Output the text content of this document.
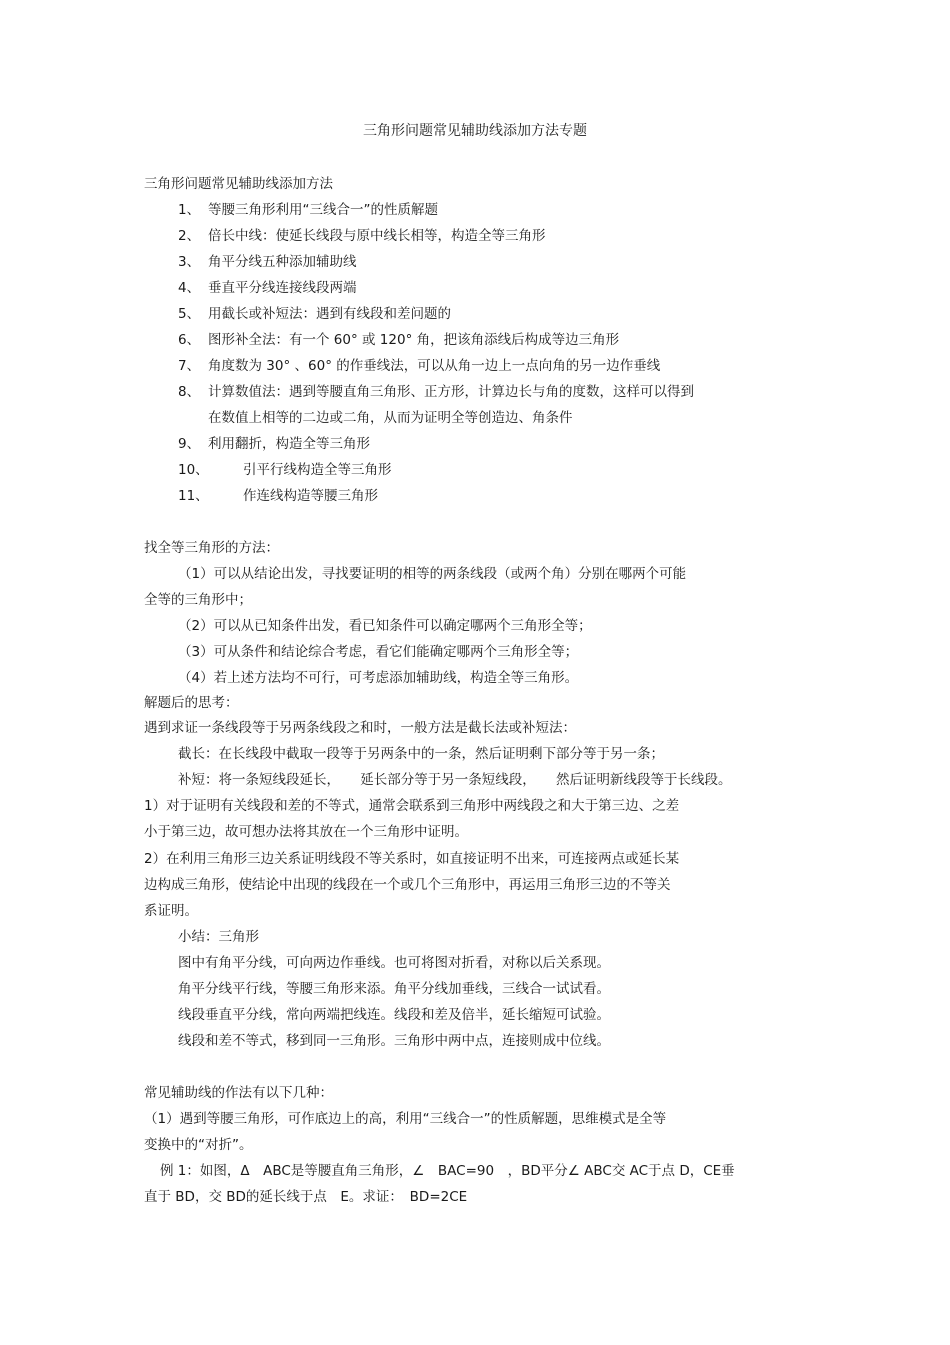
三角形问题常见辅助线添加方法专题
三角形问题常见辅助线添加方法
1、 等腰三角形利用“三线合一”的性质解题
2、 倍长中线：使延长线段与原中线长相等，构造全等三角形
3、 角平分线五种添加辅助线
4、 垂直平分线连接线段两端
5、 用截长或补短法：遇到有线段和差问题的
6、 图形补全法：有一个 60° 或 120° 角，把该角添线后构成等边三角形
7、 角度数为 30° 、60° 的作垂线法，可以从角一边上一点向角的另一边作垂线
8、 计算数值法：遇到等腰直角三角形、正方形，计算边长与角的度数，这样可以得到
在数值上相等的二边或二角，从而为证明全等创造边、角条件
9、 利用翻折，构造全等三角形
10、	引平行线构造全等三角形
11、	作连线构造等腰三角形
找全等三角形的方法：
（1）可以从结论出发，寻找要证明的相等的两条线段（或两个角）分别在哪两个可能
全等的三角形中；
（2）可以从已知条件出发，看已知条件可以确定哪两个三角形全等；
（3）可从条件和结论综合考虑，看它们能确定哪两个三角形全等；
（4）若上述方法均不可行，可考虑添加辅助线，构造全等三角形。
解题后的思考：
遇到求证一条线段等于另两条线段之和时，一般方法是截长法或补短法：
截长：在长线段中截取一段等于另两条中的一条，然后证明剩下部分等于另一条；
补短：将一条短线段延长，　　延长部分等于另一条短线段，　　然后证明新线段等于长线段。
1）对于证明有关线段和差的不等式，通常会联系到三角形中两线段之和大于第三边、之差
小于第三边，故可想办法将其放在一个三角形中证明。
2）在利用三角形三边关系证明线段不等关系时，如直接证明不出来，可连接两点或延长某
边构成三角形，使结论中出现的线段在一个或几个三角形中，再运用三角形三边的不等关
系证明。
小结：三角形
图中有角平分线，可向两边作垂线。也可将图对折看，对称以后关系现。
角平分线平行线，等腰三角形来添。角平分线加垂线，三线合一试试看。
线段垂直平分线，常向两端把线连。线段和差及倍半，延长缩短可试验。
线段和差不等式，移到同一三角形。三角形中两中点，连接则成中位线。
常见辅助线的作法有以下几种：
（1）遇到等腰三角形，可作底边上的高，利用“三线合一”的性质解题，思维模式是全等
变换中的“对折”。
例 1：如图，Δ　ABC是等腰直角三角形，∠　BAC=90　，BD平分∠ ABC交 AC于点 D，CE垂
直于 BD，交 BD的延长线于点　E。求证：　BD=2CE
